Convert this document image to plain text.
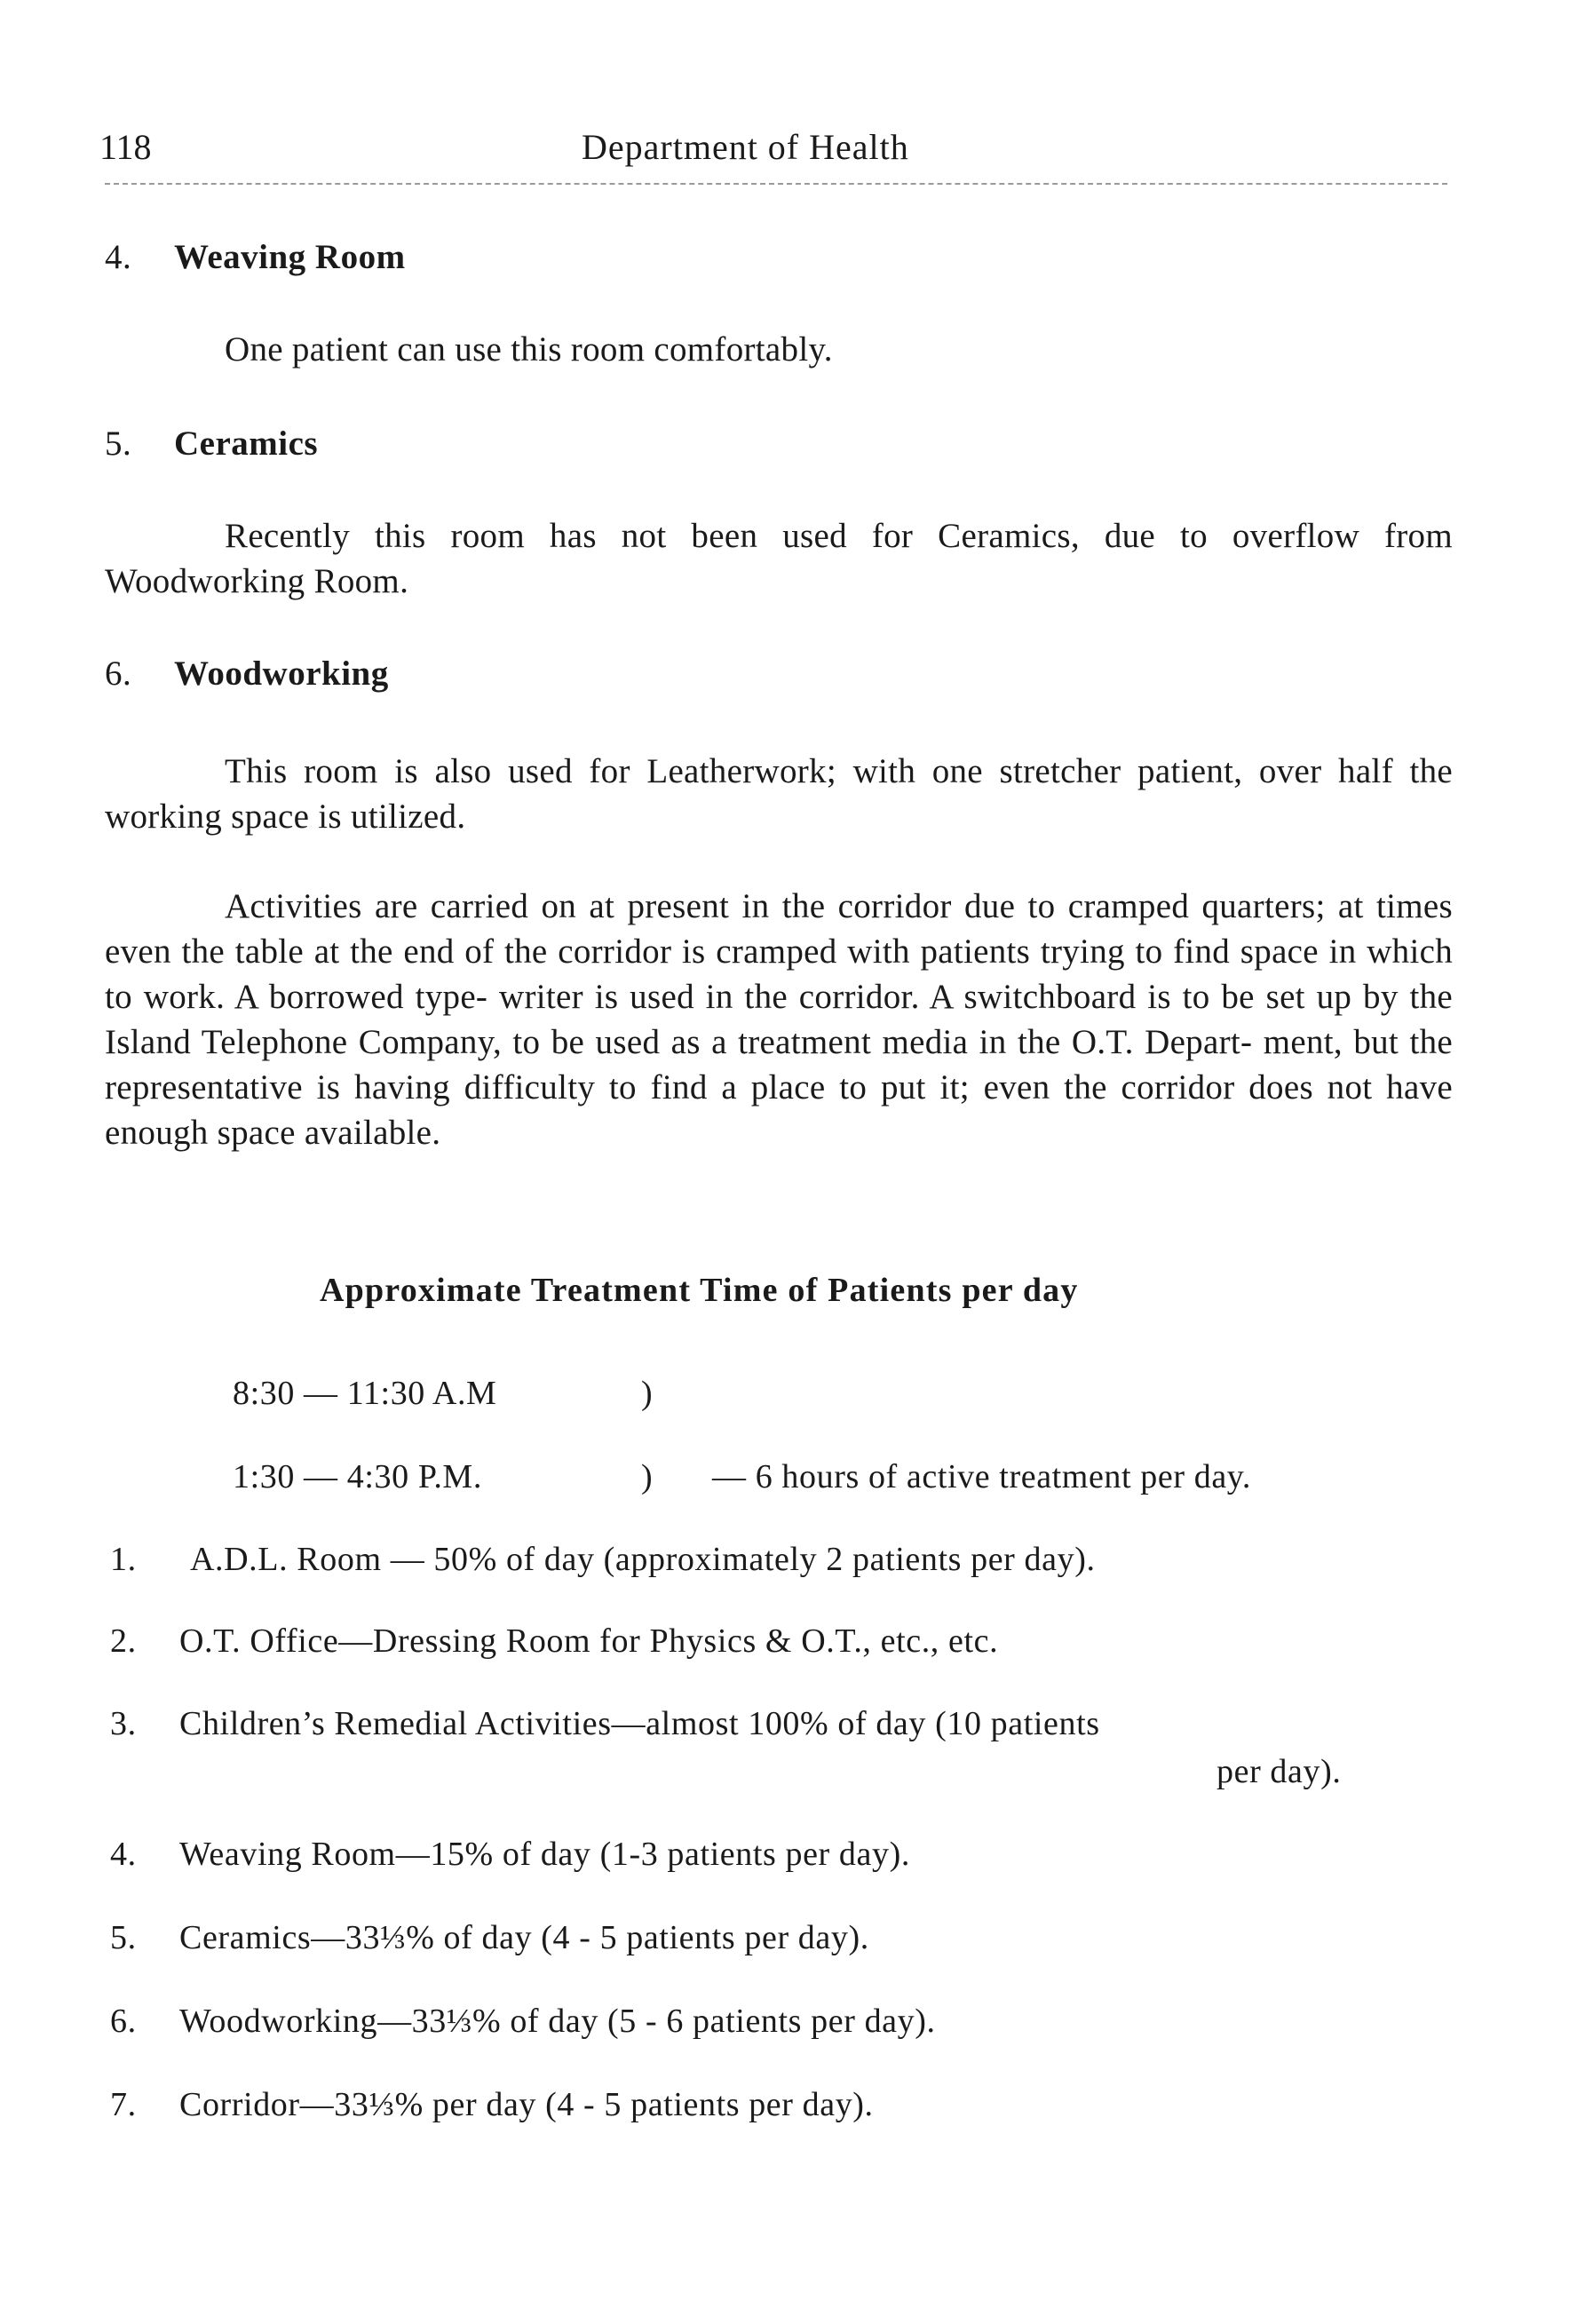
118	Department of Health
4. Weaving Room

One patient can use this room comfortably.

5. Ceramics

Recently this room has not been used for Ceramics, due to overflow from Woodworking Room.

6. Woodworking

This room is also used for Leatherwork; with one stretcher patient, over half the working space is utilized.

Activities are carried on at present in the corridor due to cramped quarters; at times even the table at the end of the corridor is cramped with patients trying to find space in which to work. A borrowed type- writer is used in the corridor. A switchboard is to be set up by the Island Telephone Company, to be used as a treatment media in the O.T. Depart- ment, but the representative is having difficulty to find a place to put it; even the corridor does not have enough space available.

Approximate Treatment Time of Patients per day
8:30 — 11:30 A.M	)
1:30 — 4:30 P.M.	) — 6 hours of active treatment per day.
1. A.D.L. Room — 50% of day (approximately 2 patients per day).
2. O.T. Office—Dressing Room for Physics & O.T., etc., etc.
3. Children’s Remedial Activities—almost 100% of day (10 patients
per day).
4. Weaving Room—15% of day (1-3 patients per day).
5. Ceramics—33⅓% of day (4 - 5 patients per day).
6. Woodworking—33⅓% of day (5 - 6 patients per day).
7. Corridor—33⅓% per day (4 - 5 patients per day).
